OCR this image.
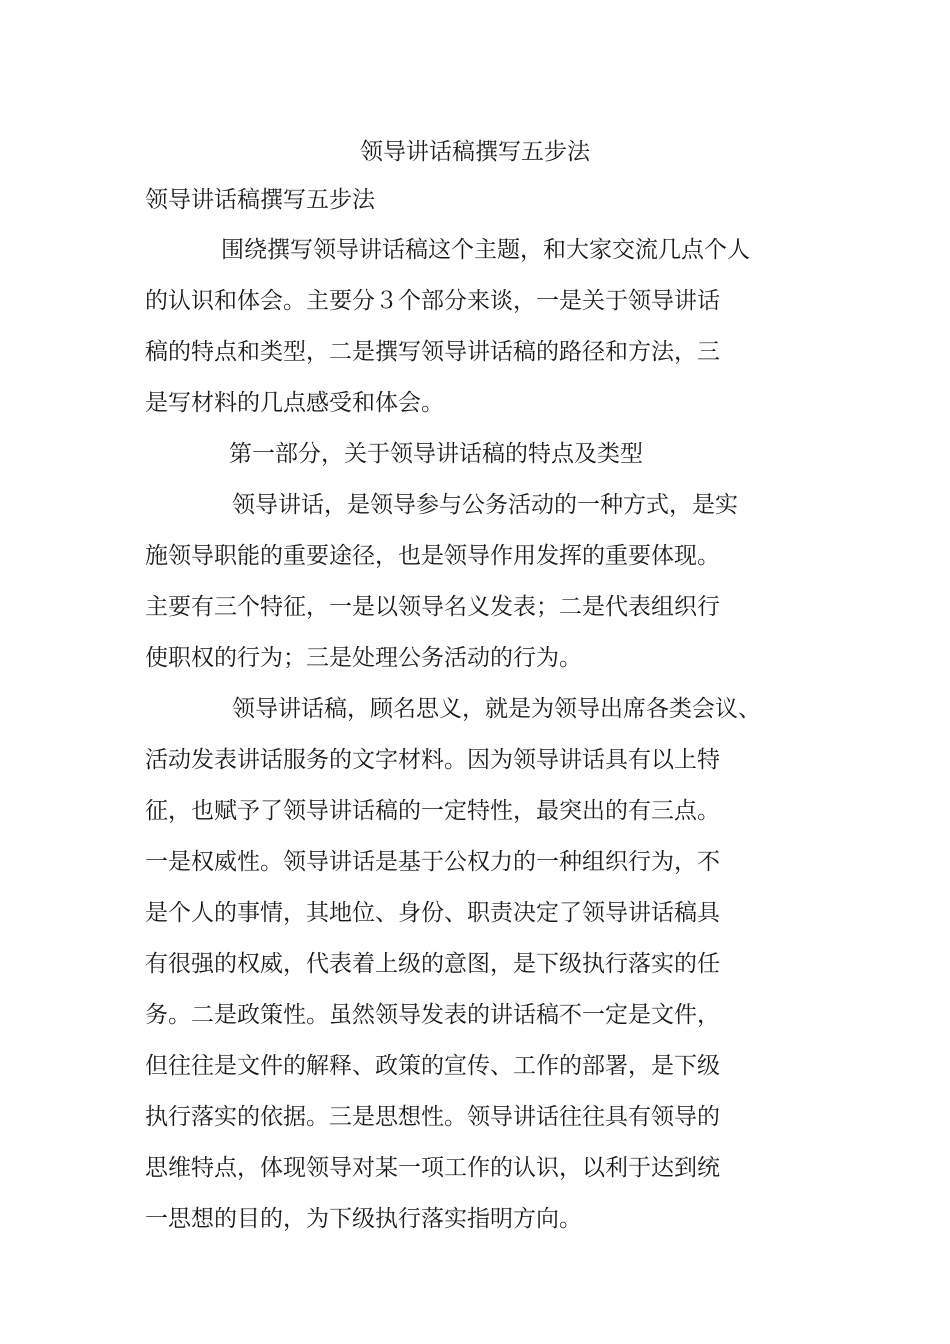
领导讲话稿撰写五步法
领导讲话稿撰写五步法
围绕撰写领导讲话稿这个主题，和大家交流几点个人
的认识和体会。主要分３个部分来谈，一是关于领导讲话
稿的特点和类型，二是撰写领导讲话稿的路径和方法，三
是写材料的几点感受和体会。
第一部分，关于领导讲话稿的特点及类型
领导讲话，是领导参与公务活动的一种方式，是实
施领导职能的重要途径，也是领导作用发挥的重要体现。
主要有三个特征，一是以领导名义发表；二是代表组织行
使职权的行为；三是处理公务活动的行为。
领导讲话稿，顾名思义，就是为领导出席各类会议、
活动发表讲话服务的文字材料。因为领导讲话具有以上特
征，也赋予了领导讲话稿的一定特性，最突出的有三点。
一是权威性。领导讲话是基于公权力的一种组织行为，不
是个人的事情，其地位、身份、职责决定了领导讲话稿具
有很强的权威，代表着上级的意图，是下级执行落实的任
务。二是政策性。虽然领导发表的讲话稿不一定是文件，
但往往是文件的解释、政策的宣传、工作的部署，是下级
执行落实的依据。三是思想性。领导讲话往往具有领导的
思维特点，体现领导对某一项工作的认识，以利于达到统
一思想的目的，为下级执行落实指明方向。
